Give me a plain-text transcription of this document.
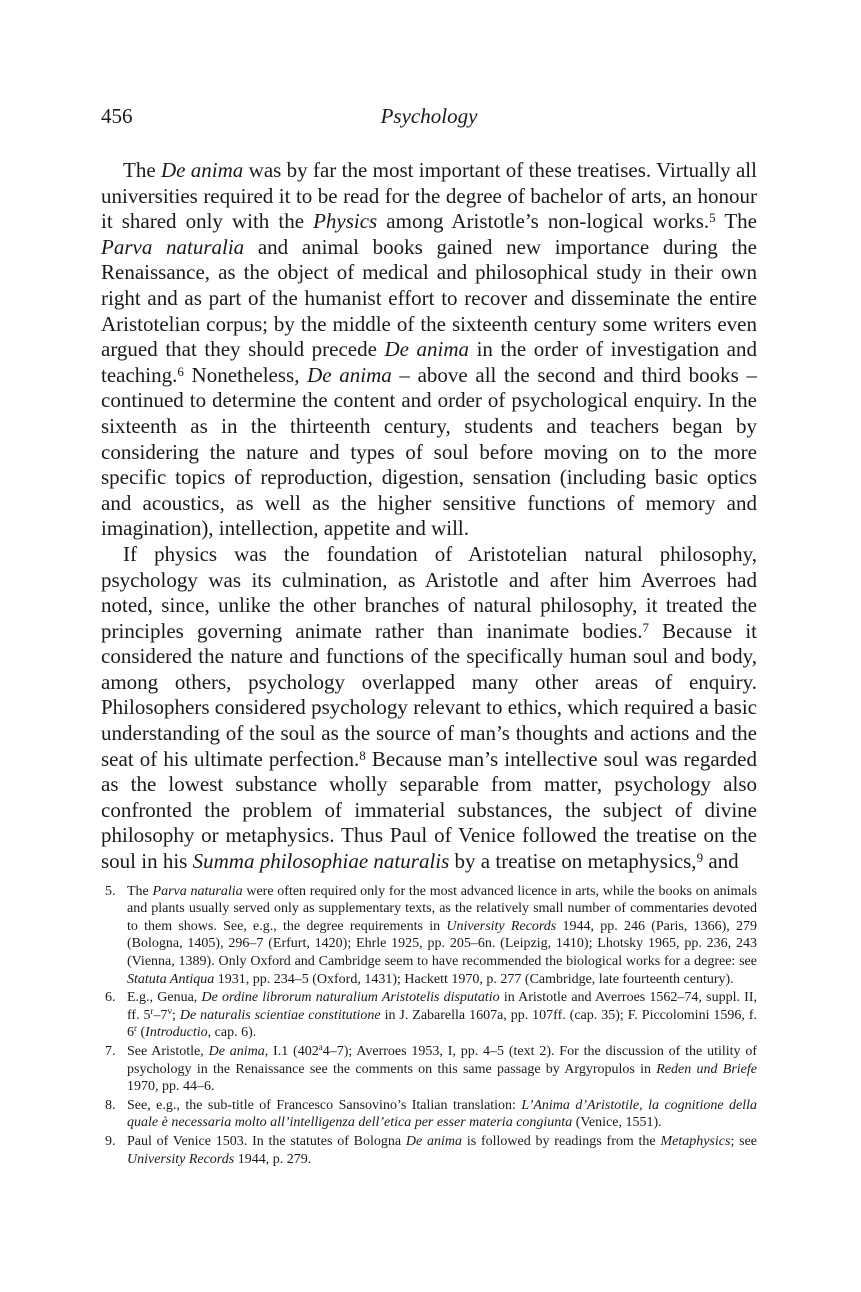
456	Psychology

The De anima was by far the most important of these treatises. Virtually all universities required it to be read for the degree of bachelor of arts, an honour it shared only with the Physics among Aristotle’s non-logical works.$^5$ The Parva naturalia and animal books gained new importance during the Renaissance, as the object of medical and philosophical study in their own right and as part of the humanist effort to recover and disseminate the entire Aristotelian corpus; by the middle of the sixteenth century some writers even argued that they should precede De anima in the order of investigation and teaching.$^6$ Nonetheless, De anima – above all the second and third books – continued to determine the content and order of psychological enquiry. In the sixteenth as in the thirteenth century, students and teachers began by considering the nature and types of soul before moving on to the more specific topics of reproduction, digestion, sensation (including basic optics and acoustics, as well as the higher sensitive functions of memory and imagination), intellection, appetite and will.

If physics was the foundation of Aristotelian natural philosophy, psychology was its culmination, as Aristotle and after him Averroes had noted, since, unlike the other branches of natural philosophy, it treated the principles governing animate rather than inanimate bodies.$^7$ Because it considered the nature and functions of the specifically human soul and body, among others, psychology overlapped many other areas of enquiry. Philosophers considered psychology relevant to ethics, which required a basic understanding of the soul as the source of man’s thoughts and actions and the seat of his ultimate perfection.$^8$ Because man’s intellective soul was regarded as the lowest substance wholly separable from matter, psychology also confronted the problem of immaterial substances, the subject of divine philosophy or metaphysics. Thus Paul of Venice followed the treatise on the soul in his Summa philosophiae naturalis by a treatise on metaphysics,$^9$ and

5. The Parva naturalia were often required only for the most advanced licence in arts, while the books on animals and plants usually served only as supplementary texts, as the relatively small number of commentaries devoted to them shows. See, e.g., the degree requirements in University Records 1944, pp. 246 (Paris, 1366), 279 (Bologna, 1405), 296–7 (Erfurt, 1420); Ehrle 1925, pp. 205–6n. (Leipzig, 1410); Lhotsky 1965, pp. 236, 243 (Vienna, 1389). Only Oxford and Cambridge seem to have recommended the biological works for a degree: see Statuta Antiqua 1931, pp. 234–5 (Oxford, 1431); Hackett 1970, p. 277 (Cambridge, late fourteenth century).
6. E.g., Genua, De ordine librorum naturalium Aristotelis disputatio in Aristotle and Averroes 1562–74, suppl. II, ff. 5$^r$–7$^v$; De naturalis scientiae constitutione in J. Zabarella 1607a, pp. 107ff. (cap. 35); F. Piccolomini 1596, f. 6$^r$ (Introductio, cap. 6).
7. See Aristotle, De anima, I.1 (402$^a$4–7); Averroes 1953, I, pp. 4–5 (text 2). For the discussion of the utility of psychology in the Renaissance see the comments on this same passage by Argyropulos in Reden und Briefe 1970, pp. 44–6.
8. See, e.g., the sub-title of Francesco Sansovino’s Italian translation: L’Anima d’Aristotile, la cognitione della quale è necessaria molto all’intelligenza dell’etica per esser materia congiunta (Venice, 1551).
9. Paul of Venice 1503. In the statutes of Bologna De anima is followed by readings from the Metaphysics; see University Records 1944, p. 279.
